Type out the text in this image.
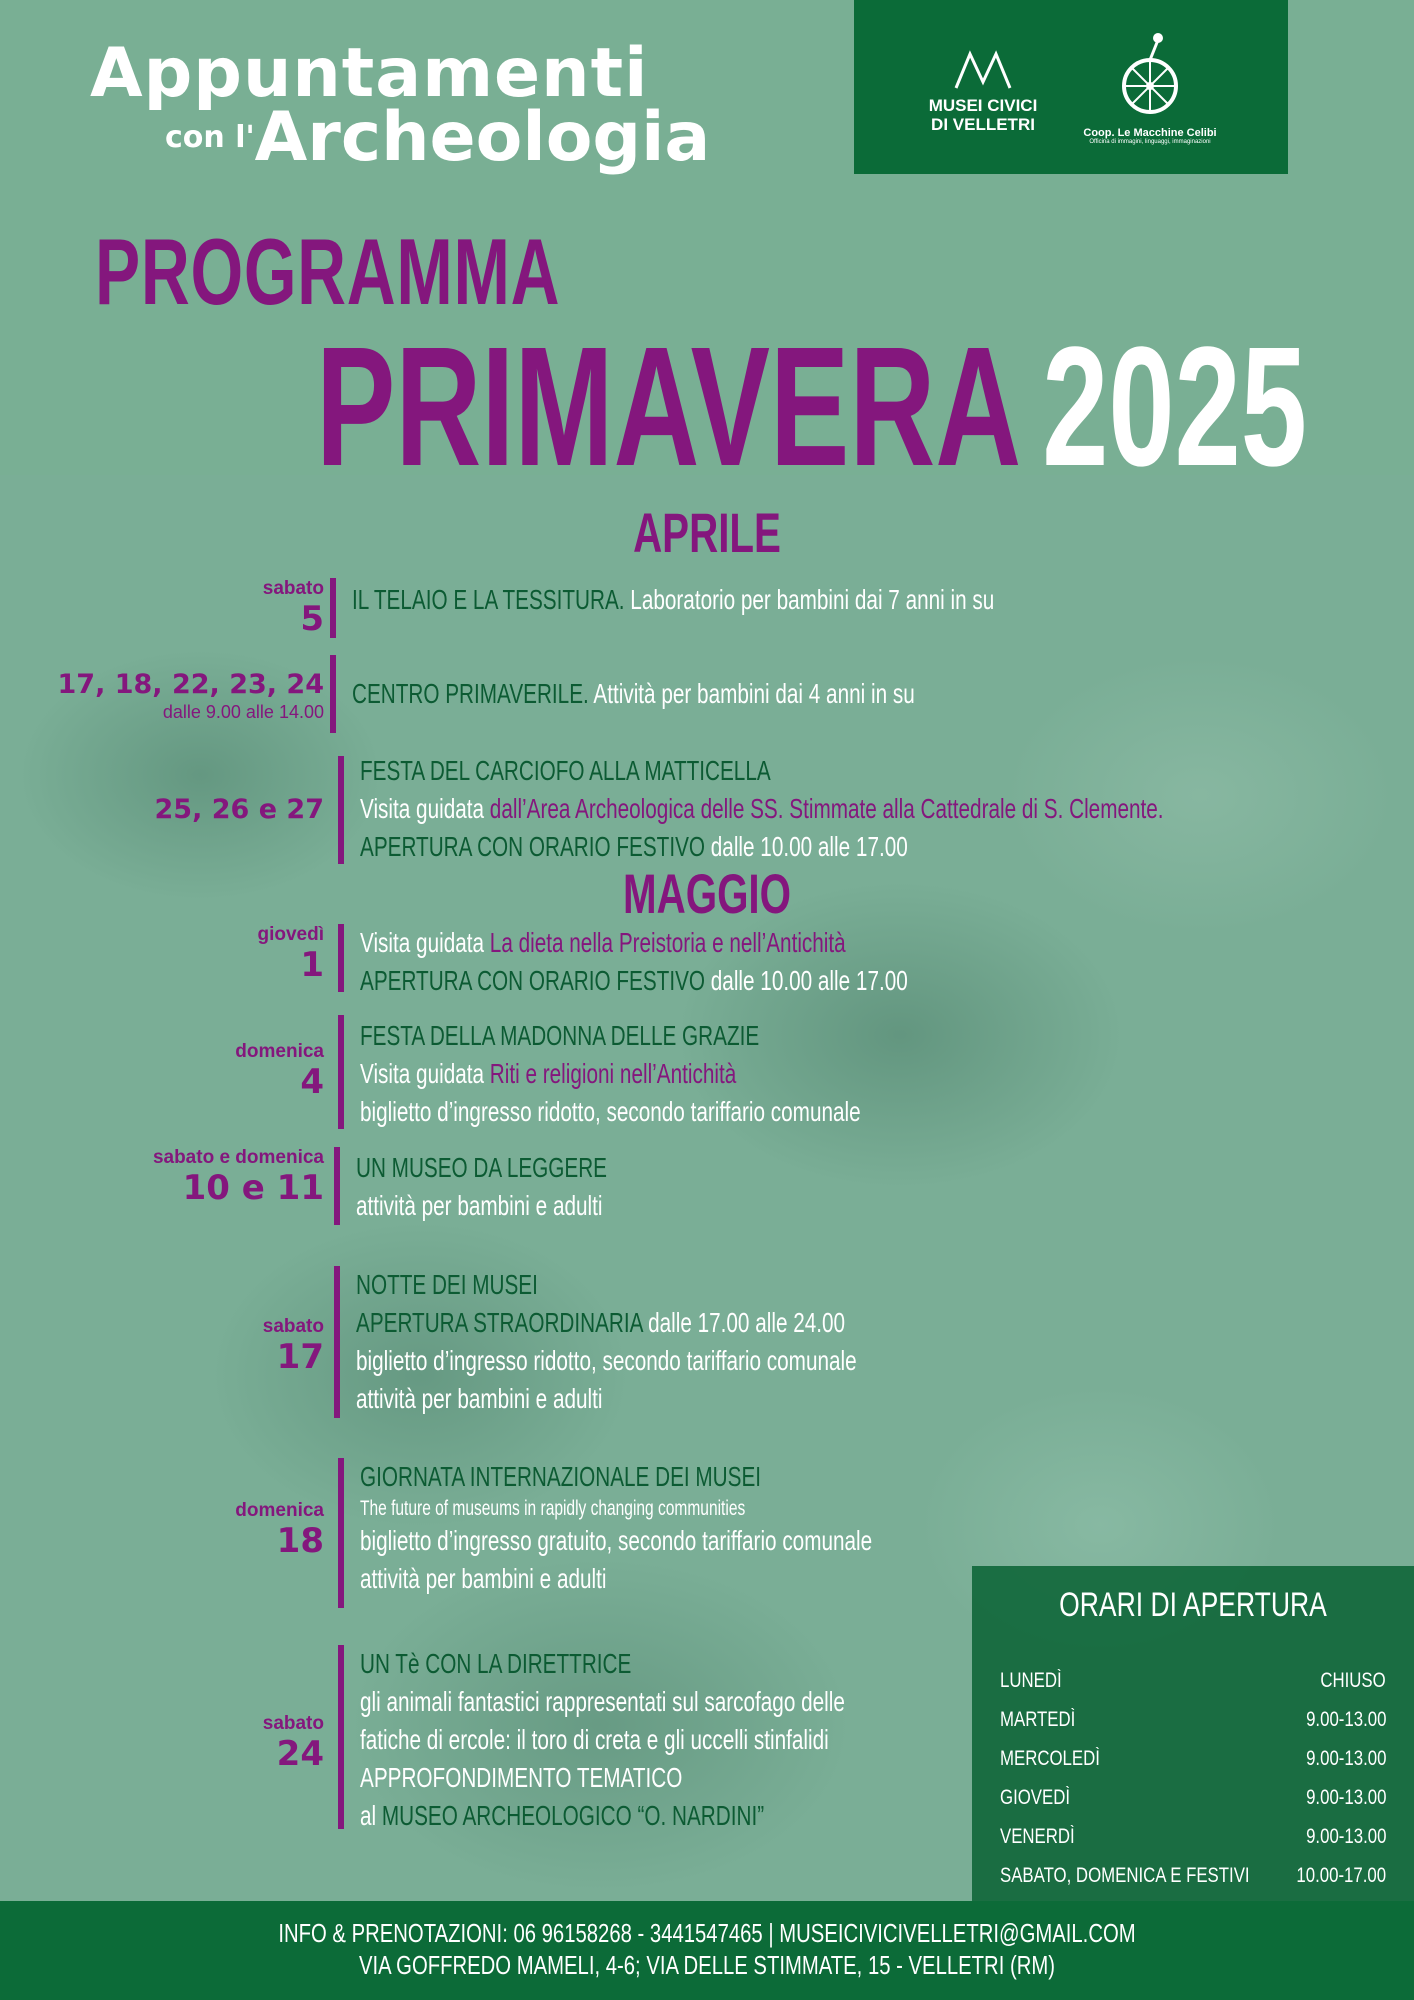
Appuntamenti
con l'Archeologia	MUSEI CIVICI DI VELLETRI	Coop. Le Macchine Celibi
Officina di immagini, linguaggi, immaginazioni
PROGRAMMA
PRIMAVERA 2025
APRILE
MAGGIO
sabato
5 IL TELAIO E LA TESSITURA. Laboratorio per bambini dai 7 anni in su
17, 18, 22, 23, 24
dalle 9.00 alle 14.00
CENTRO PRIMAVERILE. Attività per bambini dai 4 anni in su
25, 26 e 27
FESTA DEL CARCIOFO ALLA MATTICELLA
Visita guidata dall’Area Archeologica delle SS. Stimmate alla Cattedrale di S. Clemente.
APERTURA CON ORARIO FESTIVO dalle 10.00 alle 17.00
giovedì
1
Visita guidata La dieta nella Preistoria e nell’Antichità
APERTURA CON ORARIO FESTIVO dalle 10.00 alle 17.00
domenica
4
FESTA DELLA MADONNA DELLE GRAZIE
Visita guidata Riti e religioni nell’Antichità
biglietto d’ingresso ridotto, secondo tariffario comunale
sabato e domenica
10 e 11
UN MUSEO DA LEGGERE
attività per bambini e adulti
sabato
17
NOTTE DEI MUSEI
APERTURA STRAORDINARIA dalle 17.00 alle 24.00
biglietto d’ingresso ridotto, secondo tariffario comunale
attività per bambini e adulti
domenica
18
GIORNATA INTERNAZIONALE DEI MUSEI
The future of museums in rapidly changing communities
biglietto d’ingresso gratuito, secondo tariffario comunale
attività per bambini e adulti
sabato
24
UN Tè CON LA DIRETTRICE
gli animali fantastici rappresentati sul sarcofago delle
fatiche di ercole: il toro di creta e gli uccelli stinfalidi
APPROFONDIMENTO TEMATICO
al MUSEO ARCHEOLOGICO “O. NARDINI”
ORARI DI APERTURA
LUNEDÌ	CHIUSO
MARTEDÌ	9.00-13.00
MERCOLEDÌ	9.00-13.00
GIOVEDÌ	9.00-13.00
VENERDÌ	9.00-13.00
SABATO, DOMENICA E FESTIVI 10.00-17.00
INFO & PRENOTAZIONI: 06 96158268 - 3441547465 | MUSEICIVICIVELLETRI@GMAIL.COM
VIA GOFFREDO MAMELI, 4-6; VIA DELLE STIMMATE, 15 - VELLETRI (RM)
